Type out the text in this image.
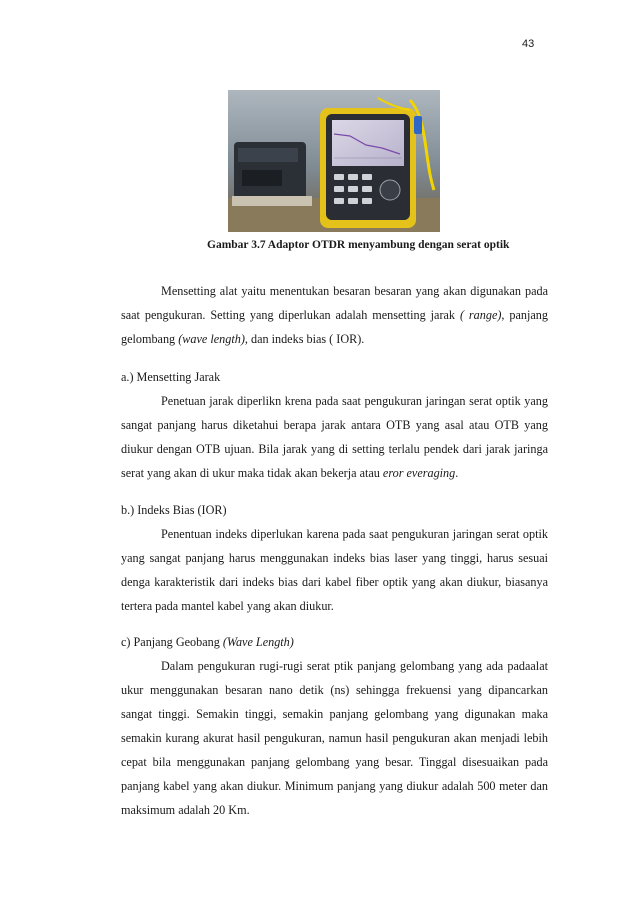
43
Gambar 3.7 Adaptor OTDR menyambung dengan serat optik

Mensetting alat yaitu menentukan besaran besaran yang akan digunakan pada saat pengukuran. Setting yang diperlukan adalah mensetting jarak ( range), panjang gelombang (wave length), dan indeks bias ( IOR).

a.) Mensetting Jarak

Penetuan jarak diperlikn krena pada saat pengukuran jaringan serat optik yang sangat panjang harus diketahui berapa jarak antara OTB yang asal atau OTB yang diukur dengan OTB ujuan. Bila jarak yang di setting terlalu pendek dari jarak jaringa serat yang akan di ukur maka tidak akan bekerja atau eror everaging.

b.) Indeks Bias (IOR)

Penentuan indeks diperlukan karena pada saat pengukuran jaringan serat optik yang sangat panjang harus menggunakan indeks bias laser yang tinggi, harus sesuai denga karakteristik dari indeks bias dari kabel fiber optik yang akan diukur, biasanya tertera pada mantel kabel yang akan diukur.

c) Panjang Geobang (Wave Length)

Dalam pengukuran rugi-rugi serat ptik panjang gelombang yang ada padaalat ukur menggunakan besaran nano detik (ns) sehingga frekuensi yang dipancarkan sangat tinggi. Semakin tinggi, semakin panjang gelombang yang digunakan maka semakin kurang akurat hasil pengukuran, namun hasil pengukuran akan menjadi lebih cepat bila menggunakan panjang gelombang yang besar. Tinggal disesuaikan pada panjang kabel yang akan diukur. Minimum panjang yang diukur adalah 500 meter dan maksimum adalah 20 Km.
